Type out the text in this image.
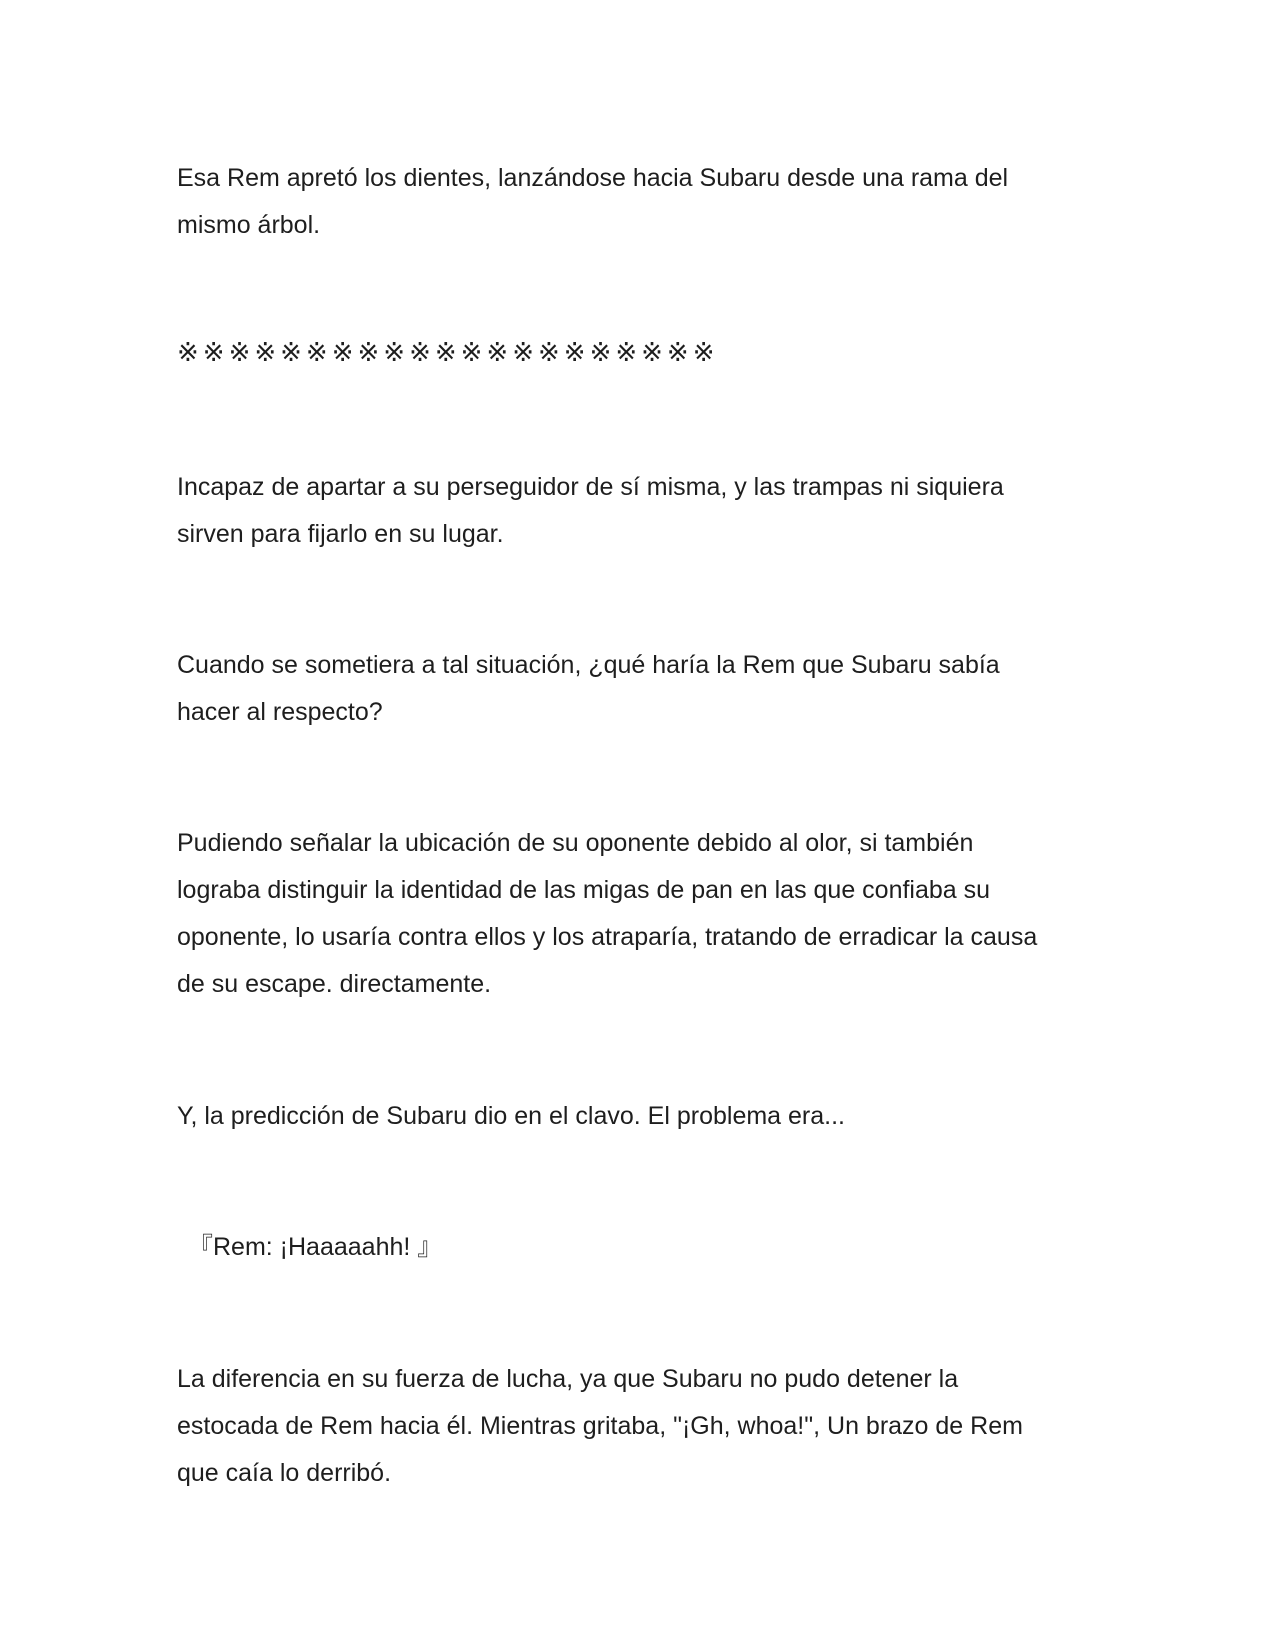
Esa Rem apretó los dientes, lanzándose hacia Subaru desde una rama del
mismo árbol.

※※※※※※※※※※※※※※※※※※※※※

Incapaz de apartar a su perseguidor de sí misma, y las trampas ni siquiera
sirven para fijarlo en su lugar.

Cuando se sometiera a tal situación, ¿qué haría la Rem que Subaru sabía
hacer al respecto?

Pudiendo señalar la ubicación de su oponente debido al olor, si también
lograba distinguir la identidad de las migas de pan en las que confiaba su
oponente, lo usaría contra ellos y los atraparía, tratando de erradicar la causa
de su escape. directamente.

Y, la predicción de Subaru dio en el clavo. El problema era...

『Rem: ¡Haaaaahh! 』

La diferencia en su fuerza de lucha, ya que Subaru no pudo detener la
estocada de Rem hacia él. Mientras gritaba, "¡Gh, whoa!", Un brazo de Rem
que caía lo derribó.
